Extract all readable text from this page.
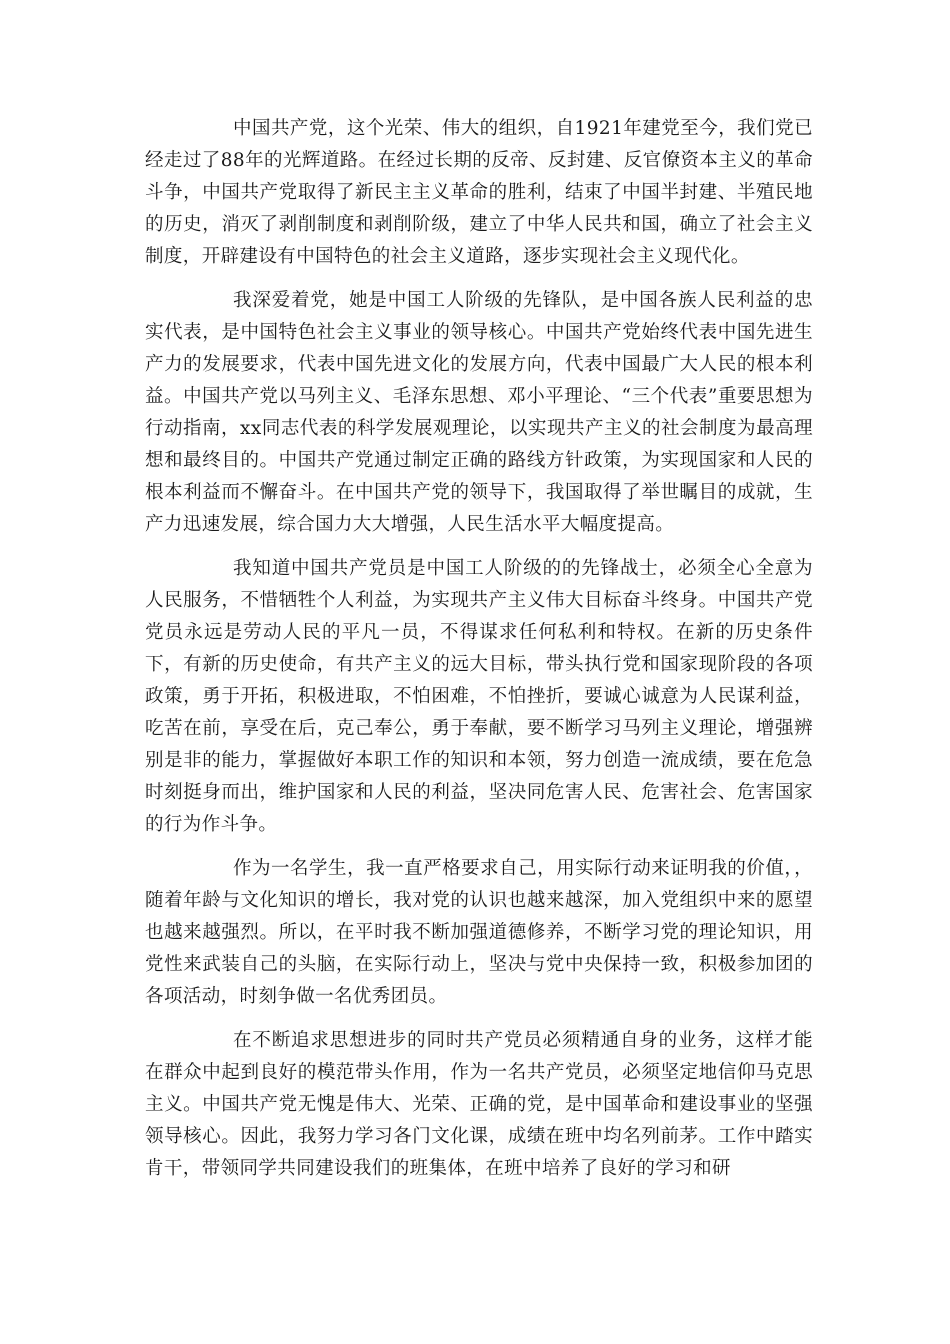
中国共产党，这个光荣、伟大的组织，自1921年建党至今，我们党已经走过了88年的光辉道路。在经过长期的反帝、反封建、反官僚资本主义的革命斗争，中国共产党取得了新民主主义革命的胜利，结束了中国半封建、半殖民地的历史，消灭了剥削制度和剥削阶级，建立了中华人民共和国，确立了社会主义制度，开辟建设有中国特色的社会主义道路，逐步实现社会主义现代化。

我深爱着党，她是中国工人阶级的先锋队，是中国各族人民利益的忠实代表，是中国特色社会主义事业的领导核心。中国共产党始终代表中国先进生产力的发展要求，代表中国先进文化的发展方向，代表中国最广大人民的根本利益。中国共产党以马列主义、毛泽东思想、邓小平理论、“三个代表”重要思想为行动指南，xx同志代表的科学发展观理论，以实现共产主义的社会制度为最高理想和最终目的。中国共产党通过制定正确的路线方针政策，为实现国家和人民的根本利益而不懈奋斗。在中国共产党的领导下，我国取得了举世瞩目的成就，生产力迅速发展，综合国力大大增强，人民生活水平大幅度提高。

我知道中国共产党员是中国工人阶级的的先锋战士，必须全心全意为人民服务，不惜牺牲个人利益，为实现共产主义伟大目标奋斗终身。中国共产党党员永远是劳动人民的平凡一员，不得谋求任何私利和特权。在新的历史条件下，有新的历史使命，有共产主义的远大目标，带头执行党和国家现阶段的各项政策，勇于开拓，积极进取，不怕困难，不怕挫折，要诚心诚意为人民谋利益，吃苦在前，享受在后，克己奉公，勇于奉献，要不断学习马列主义理论，增强辨别是非的能力，掌握做好本职工作的知识和本领，努力创造一流成绩，要在危急时刻挺身而出，维护国家和人民的利益，坚决同危害人民、危害社会、危害国家的行为作斗争。

作为一名学生，我一直严格要求自己，用实际行动来证明我的价值，，随着年龄与文化知识的增长，我对党的认识也越来越深，加入党组织中来的愿望也越来越强烈。所以，在平时我不断加强道德修养，不断学习党的理论知识，用党性来武装自己的头脑，在实际行动上，坚决与党中央保持一致，积极参加团的各项活动，时刻争做一名优秀团员。

在不断追求思想进步的同时共产党员必须精通自身的业务，这样才能在群众中起到良好的模范带头作用，作为一名共产党员，必须坚定地信仰马克思主义。中国共产党无愧是伟大、光荣、正确的党，是中国革命和建设事业的坚强领导核心。因此，我努力学习各门文化课，成绩在班中均名列前茅。工作中踏实肯干，带领同学共同建设我们的班集体，在班中培养了良好的学习和研
